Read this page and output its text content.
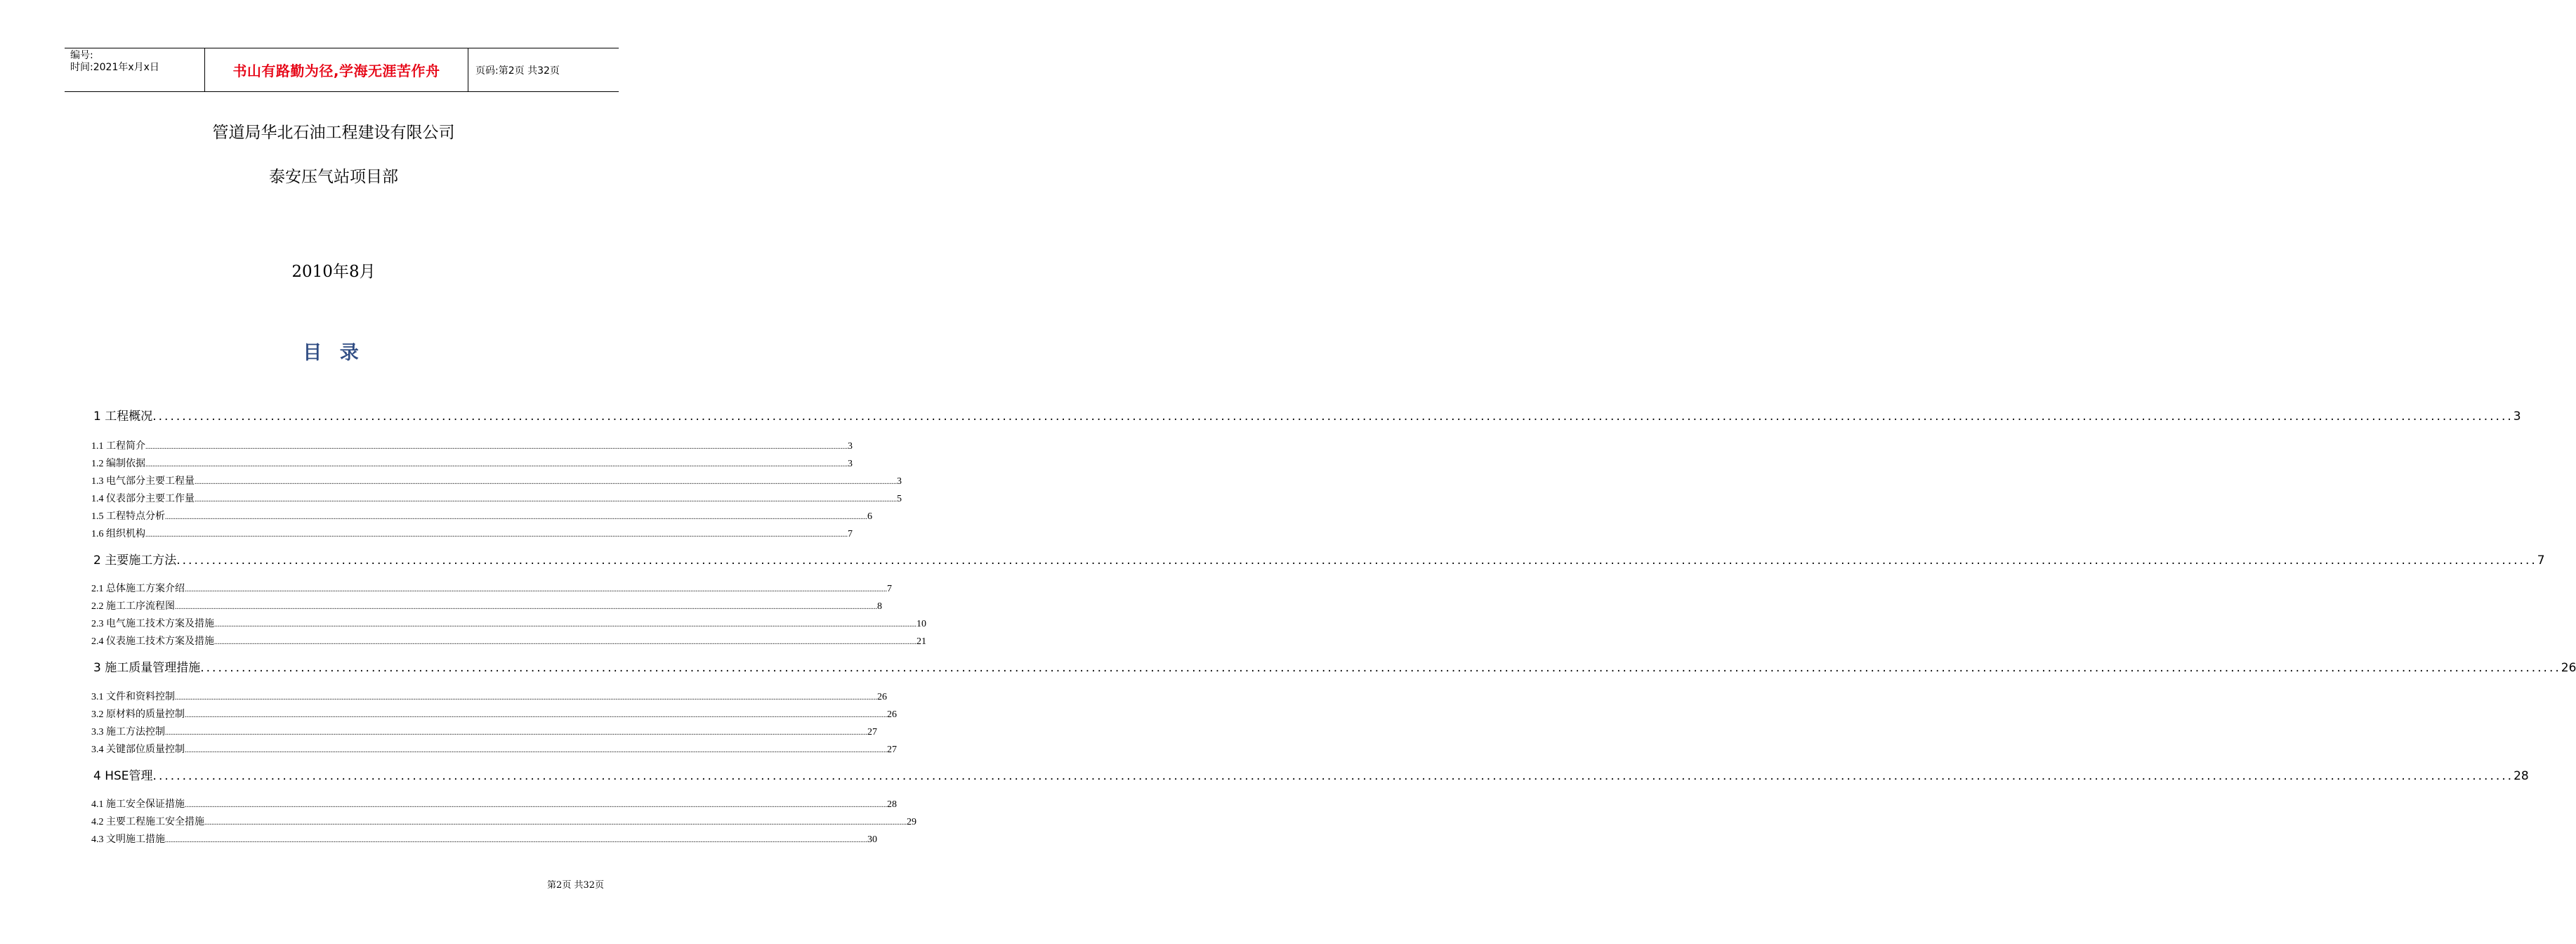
编号:
时间:2021年x月x日	书山有路勤为径,学海无涯苦作舟	页码:第2页 共32页
管道局华北石油工程建设有限公司
泰安压气站项目部
2010年8月
目 录
1 工程概况 ................................................................................................................................................................................................................................................................................................................................................................................................................ 3
1.1 工程简介 ................................................................................................................................................................................................................................................................................................................................................................................................................ 3
1.2 编制依据 ................................................................................................................................................................................................................................................................................................................................................................................................................ 3
1.3 电气部分主要工程量 ................................................................................................................................................................................................................................................................................................................................................................................................................ 3
1.4 仪表部分主要工作量 ................................................................................................................................................................................................................................................................................................................................................................................................................ 5
1.5 工程特点分析 ................................................................................................................................................................................................................................................................................................................................................................................................................ 6
1.6 组织机构 ................................................................................................................................................................................................................................................................................................................................................................................................................ 7
2 主要施工方法 ................................................................................................................................................................................................................................................................................................................................................................................................................ 7
2.1 总体施工方案介绍 ................................................................................................................................................................................................................................................................................................................................................................................................................ 7
2.2 施工工序流程图 ................................................................................................................................................................................................................................................................................................................................................................................................................ 8
2.3 电气施工技术方案及措施 ................................................................................................................................................................................................................................................................................................................................................................................................................ 10
2.4 仪表施工技术方案及措施 ................................................................................................................................................................................................................................................................................................................................................................................................................ 21
3 施工质量管理措施 ................................................................................................................................................................................................................................................................................................................................................................................................................ 26
3.1 文件和资料控制 ................................................................................................................................................................................................................................................................................................................................................................................................................ 26
3.2 原材料的质量控制 ................................................................................................................................................................................................................................................................................................................................................................................................................ 26
3.3 施工方法控制 ................................................................................................................................................................................................................................................................................................................................................................................................................ 27
3.4 关键部位质量控制 ................................................................................................................................................................................................................................................................................................................................................................................................................ 27
4 HSE管理 ................................................................................................................................................................................................................................................................................................................................................................................................................ 28
4.1 施工安全保证措施 ................................................................................................................................................................................................................................................................................................................................................................................................................ 28
4.2 主要工程施工安全措施 ................................................................................................................................................................................................................................................................................................................................................................................................................ 29
4.3 文明施工措施 ................................................................................................................................................................................................................................................................................................................................................................................................................ 30
第2页 共32页
